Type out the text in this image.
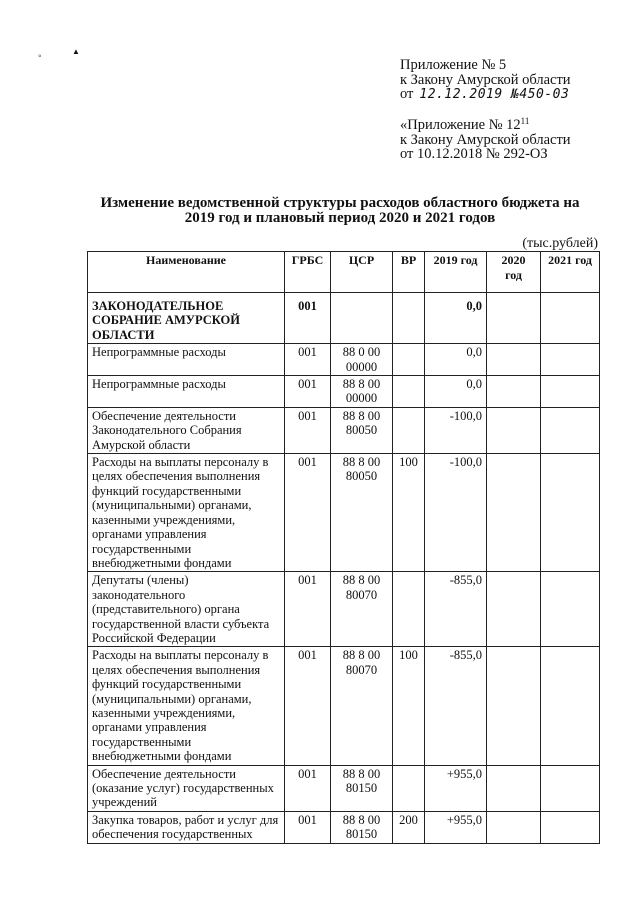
◦	▲
Приложение № 5
к Закону Амурской области
от 12.12.2019 №450-03
«Приложение № $12^{11}$
к Закону Амурской области
от 10.12.2018 № 292-ОЗ
Изменение ведомственной структуры расходов областного бюджета на
2019 год и плановый период 2020 и 2021 годов
(тыс.рублей)
Наименование	ГРБС	ЦСР	ВР	2019 год	2020
год	2021 год
ЗАКОНОДАТЕЛЬНОЕ СОБРАНИЕ АМУРСКОЙ ОБЛАСТИ	001			0,0		
Непрограммные расходы	001	88 0 00
00000		0,0		
Непрограммные расходы	001	88 8 00
00000		0,0		
Обеспечение деятельности Законодательного Собрания Амурской области	001	88 8 00
80050		-100,0		
Расходы на выплаты персоналу в целях обеспечения выполнения функций государственными (муниципальными) органами, казенными учреждениями, органами управления государственными внебюджетными фондами	001	88 8 00
80050	100	-100,0		
Депутаты (члены) законодательного (представительного) органа государственной власти субъекта Российской Федерации	001	88 8 00
80070		-855,0		
Расходы на выплаты персоналу в целях обеспечения выполнения функций государственными (муниципальными) органами, казенными учреждениями, органами управления государственными внебюджетными фондами	001	88 8 00
80070	100	-855,0		
Обеспечение деятельности (оказание услуг) государственных учреждений	001	88 8 00
80150		+955,0		
Закупка товаров, работ и услуг для обеспечения государственных	001	88 8 00
80150	200	+955,0		
